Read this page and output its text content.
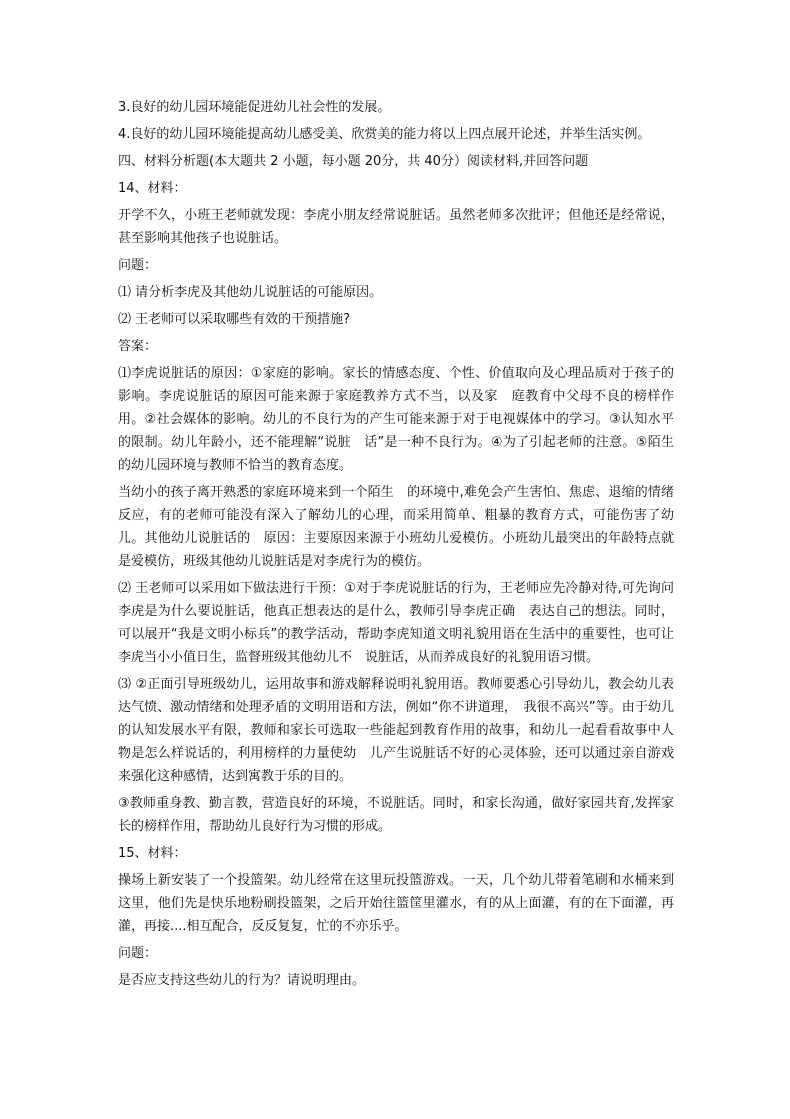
3.良好的幼儿园环境能促进幼儿社会性的发展。

4.良好的幼儿园环境能提高幼儿感受美、欣赏美的能力将以上四点展开论述，并举生活实例。

四、材料分析题(本大题共 2 小题，每小题 20分，共 40分）阅读材料,并回答问题

14、材料：

开学不久，小班王老师就发现：李虎小朋友经常说脏话。虽然老师多次批评；但他还是经常说，甚至影响其他孩子也说脏话。

问题：

⑴ 请分析李虎及其他幼儿说脏话的可能原因。

⑵ 王老师可以采取哪些有效的干预措施?

答案：

⑴李虎说脏话的原因：①家庭的影响。家长的情感态度、个性、价值取向及心理品质对于孩子的影响。李虎说脏话的原因可能来源于家庭教养方式不当，以及家　庭教育中父母不良的榜样作用。②社会媒体的影响。幼儿的不良行为的产生可能来源于对于电视媒体中的学习。③认知水平的限制。幼儿年龄小，还不能理解“说脏　话”是一种不良行为。④为了引起老师的注意。⑤陌生的幼儿园环境与教师不恰当的教育态度。

当幼小的孩子离开熟悉的家庭环境来到一个陌生　的环境中,难免会产生害怕、焦虑、退缩的情绪反应，有的老师可能没有深入了解幼儿的心理，而采用简单、粗暴的教育方式，可能伤害了幼儿。其他幼儿说脏话的　原因：主要原因来源于小班幼儿爱模仿。小班幼儿最突出的年龄特点就是爱模仿，班级其他幼儿说脏话是对李虎行为的模仿。

⑵ 王老师可以采用如下做法进行干预：①对于李虎说脏话的行为，王老师应先冷静对待,可先询问李虎是为什么要说脏话，他真正想表达的是什么，教师引导李虎正确　表达自己的想法。同时，可以展开“我是文明小标兵”的教学活动，帮助李虎知道文明礼貌用语在生活中的重要性，也可让李虎当小小值日生，监督班级其他幼儿不　说脏话，从而养成良好的礼貌用语习惯。

⑶ ②正面引导班级幼儿，运用故事和游戏解释说明礼貌用语。教师要悉心引导幼儿，教会幼儿表达气愤、激动情绪和处理矛盾的文明用语和方法，例如“你不讲道理，　我很不高兴”等。由于幼儿的认知发展水平有限，教师和家长可选取一些能起到教育作用的故事，和幼儿一起看看故事中人物是怎么样说话的，利用榜样的力量使幼　儿产生说脏话不好的心灵体验，还可以通过亲自游戏来强化这种感情，达到寓教于乐的目的。

③教师重身教、勤言教，营造良好的环境，不说脏话。同时，和家长沟通，做好家园共育,发挥家长的榜样作用，帮助幼儿良好行为习惯的形成。

15、材料：

操场上新安装了一个投篮架。幼儿经常在这里玩投篮游戏。一天，几个幼儿带着笔刷和水桶来到这里，他们先是快乐地粉刷投篮架，之后开始往篮筐里灌水，有的从上面灌，有的在下面灌，再灌，再接....相互配合，反反复复，忙的不亦乐乎。

问题：

是否应支持这些幼儿的行为？请说明理由。
